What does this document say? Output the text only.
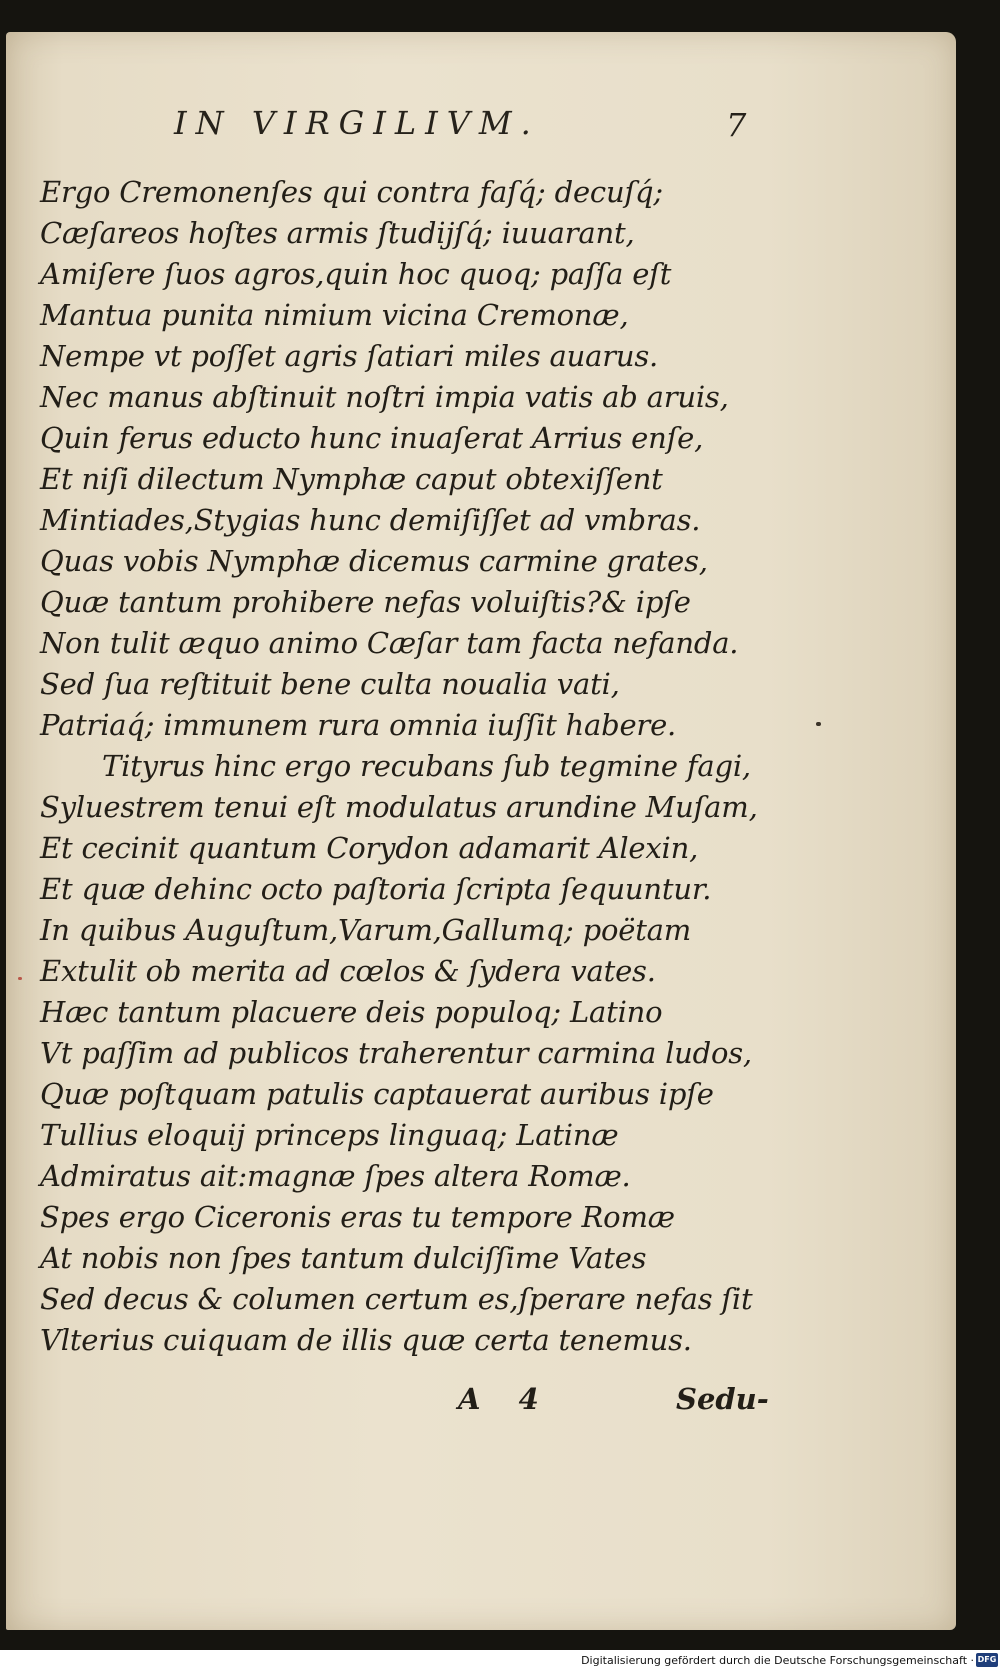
IN VIRGILIVM.	7
Ergo Cremonenſes qui contra faſq́; decuſq́;
Cæſareos hoſtes armis ſtudijſq́; iuuarant,
Amiſere ſuos agros,quin hoc quoq; paſſa eſt
Mantua punita nimium vicina Cremonæ,
Nempe vt poſſet agris ſatiari miles auarus.
Nec manus abſtinuit noſtri impia vatis ab aruis,
Quin ferus educto hunc inuaſerat Arrius enſe,
Et niſi dilectum Nymphæ caput obtexiſſent
Mintiades,Stygias hunc demiſiſſet ad vmbras.
Quas vobis Nymphæ dicemus carmine grates,
Quæ tantum prohibere nefas voluiſtis?& ipſe
Non tulit æquo animo Cæſar tam facta nefanda.
Sed ſua reſtituit bene culta noualia vati,
Patriaq́; immunem rura omnia iuſſit habere.
Tityrus hinc ergo recubans ſub tegmine fagi,
Syluestrem tenui eſt modulatus arundine Muſam,
Et cecinit quantum Corydon adamarit Alexin,
Et quæ dehinc octo paſtoria ſcripta ſequuntur.
In quibus Auguſtum,Varum,Gallumq; poëtam
Extulit ob merita ad cœlos & ſydera vates.
Hæc tantum placuere deis populoq; Latino
Vt paſſim ad publicos traherentur carmina ludos,
Quæ poſtquam patulis captauerat auribus ipſe
Tullius eloquij princeps linguaq; Latinæ
Admiratus ait:magnæ ſpes altera Romæ.
Spes ergo Ciceronis eras tu tempore Romæ
At nobis non ſpes tantum dulciſſime Vates
Sed decus & columen certum es,ſperare nefas ſit
Vlterius cuiquam de illis quæ certa tenemus.
A 4	Sedu-
Digitalisierung gefördert durch die Deutsche Forschungsgemeinschaft · DFG
